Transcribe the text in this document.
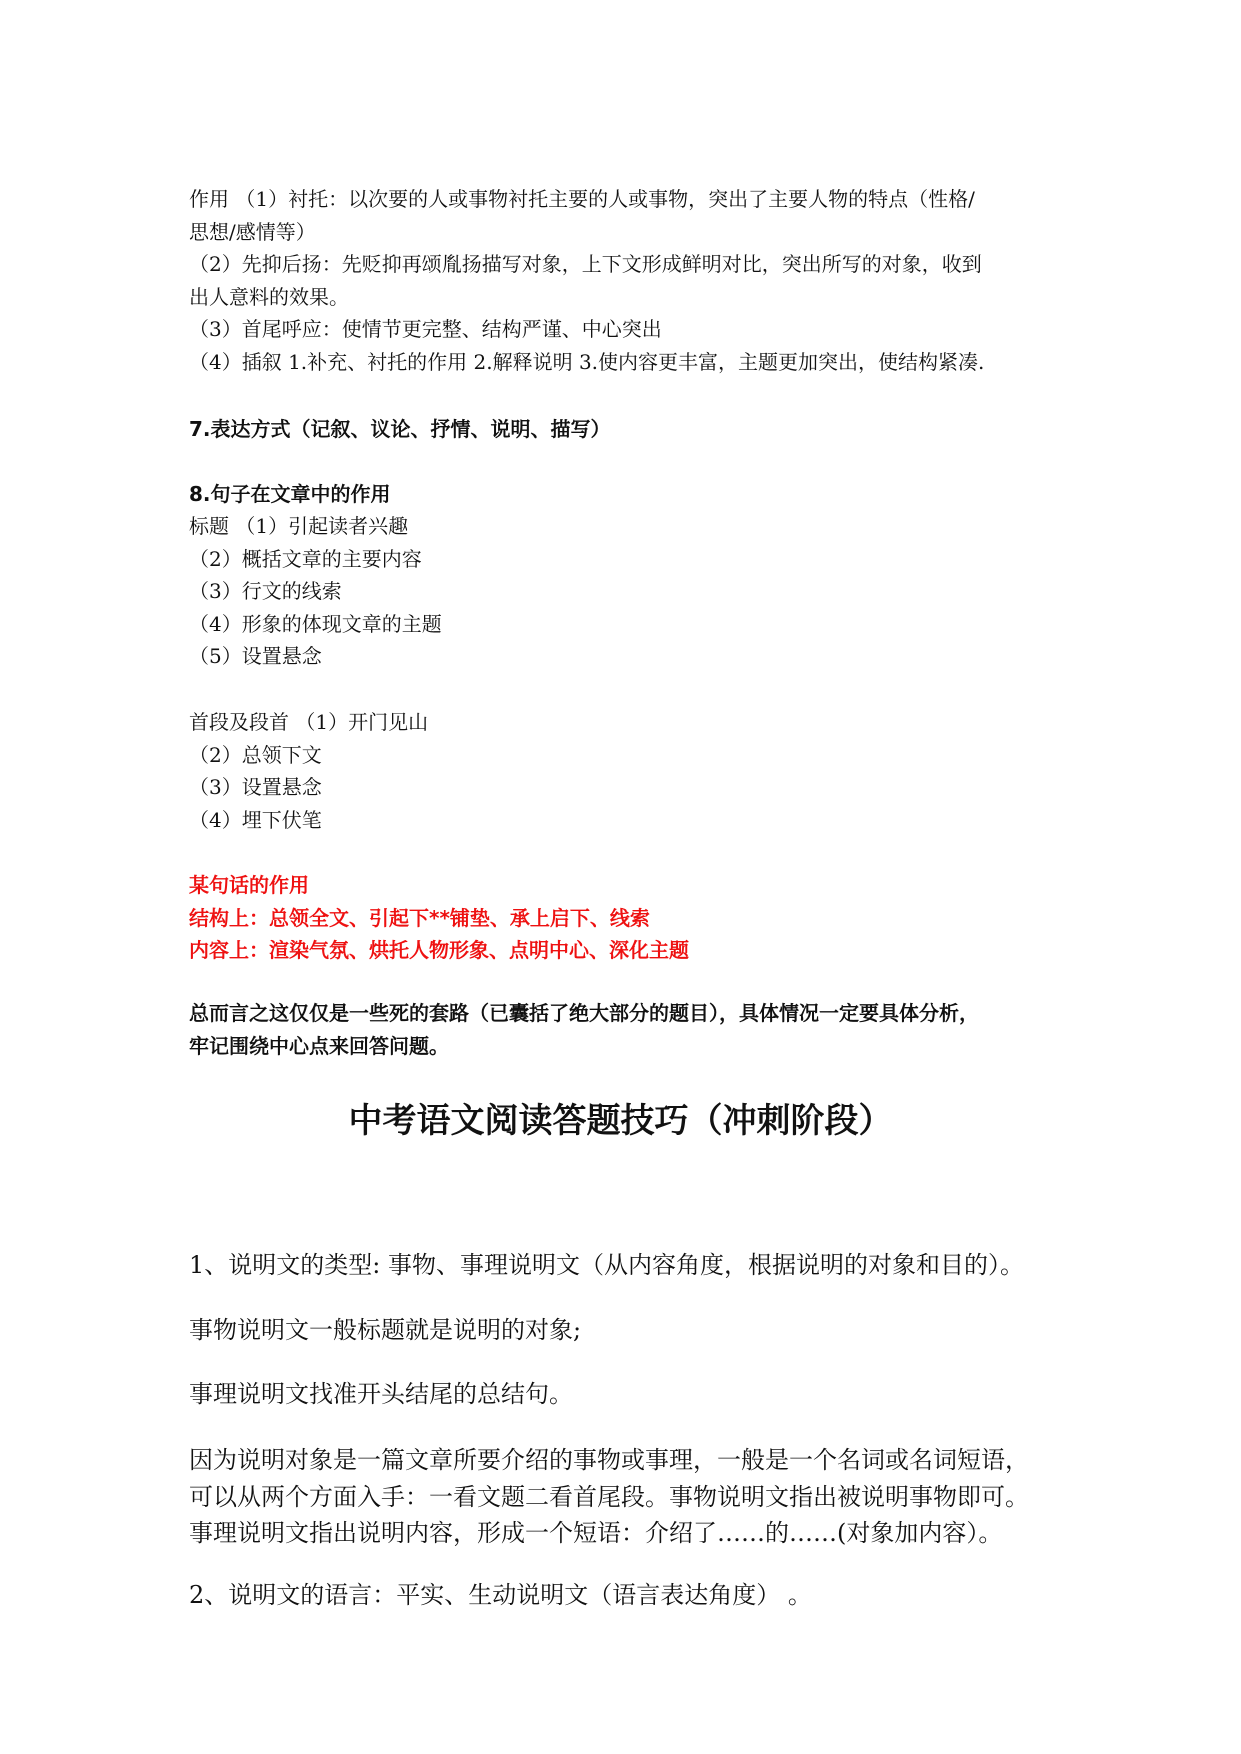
作用 （1）衬托：以次要的人或事物衬托主要的人或事物，突出了主要人物的特点（性格/
思想/感情等）
（2）先抑后扬：先贬抑再颂胤扬描写对象，上下文形成鲜明对比，突出所写的对象，收到
出人意料的效果。
（3）首尾呼应：使情节更完整、结构严谨、中心突出
（4）插叙 1.补充、衬托的作用 2.解释说明 3.使内容更丰富，主题更加突出，使结构紧凑.
7.表达方式（记叙、议论、抒情、说明、描写）
8.句子在文章中的作用
标题 （1）引起读者兴趣
（2）概括文章的主要内容
（3）行文的线索
（4）形象的体现文章的主题
（5）设置悬念
首段及段首 （1）开门见山
（2）总领下文
（3）设置悬念
（4）埋下伏笔
某句话的作用
结构上：总领全文、引起下**铺垫、承上启下、线索
内容上：渲染气氛、烘托人物形象、点明中心、深化主题
总而言之这仅仅是一些死的套路（已囊括了绝大部分的题目），具体情况一定要具体分析，
牢记围绕中心点来回答问题。
中考语文阅读答题技巧（冲刺阶段）

1、说明文的类型: 事物、事理说明文（从内容角度，根据说明的对象和目的）。

事物说明文一般标题就是说明的对象;

事理说明文找准开头结尾的总结句。

因为说明对象是一篇文章所要介绍的事物或事理，一般是一个名词或名词短语，
可以从两个方面入手：一看文题二看首尾段。事物说明文指出被说明事物即可。
事理说明文指出说明内容，形成一个短语：介绍了……的……(对象加内容）。

2、说明文的语言：平实、生动说明文（语言表达角度） 。
